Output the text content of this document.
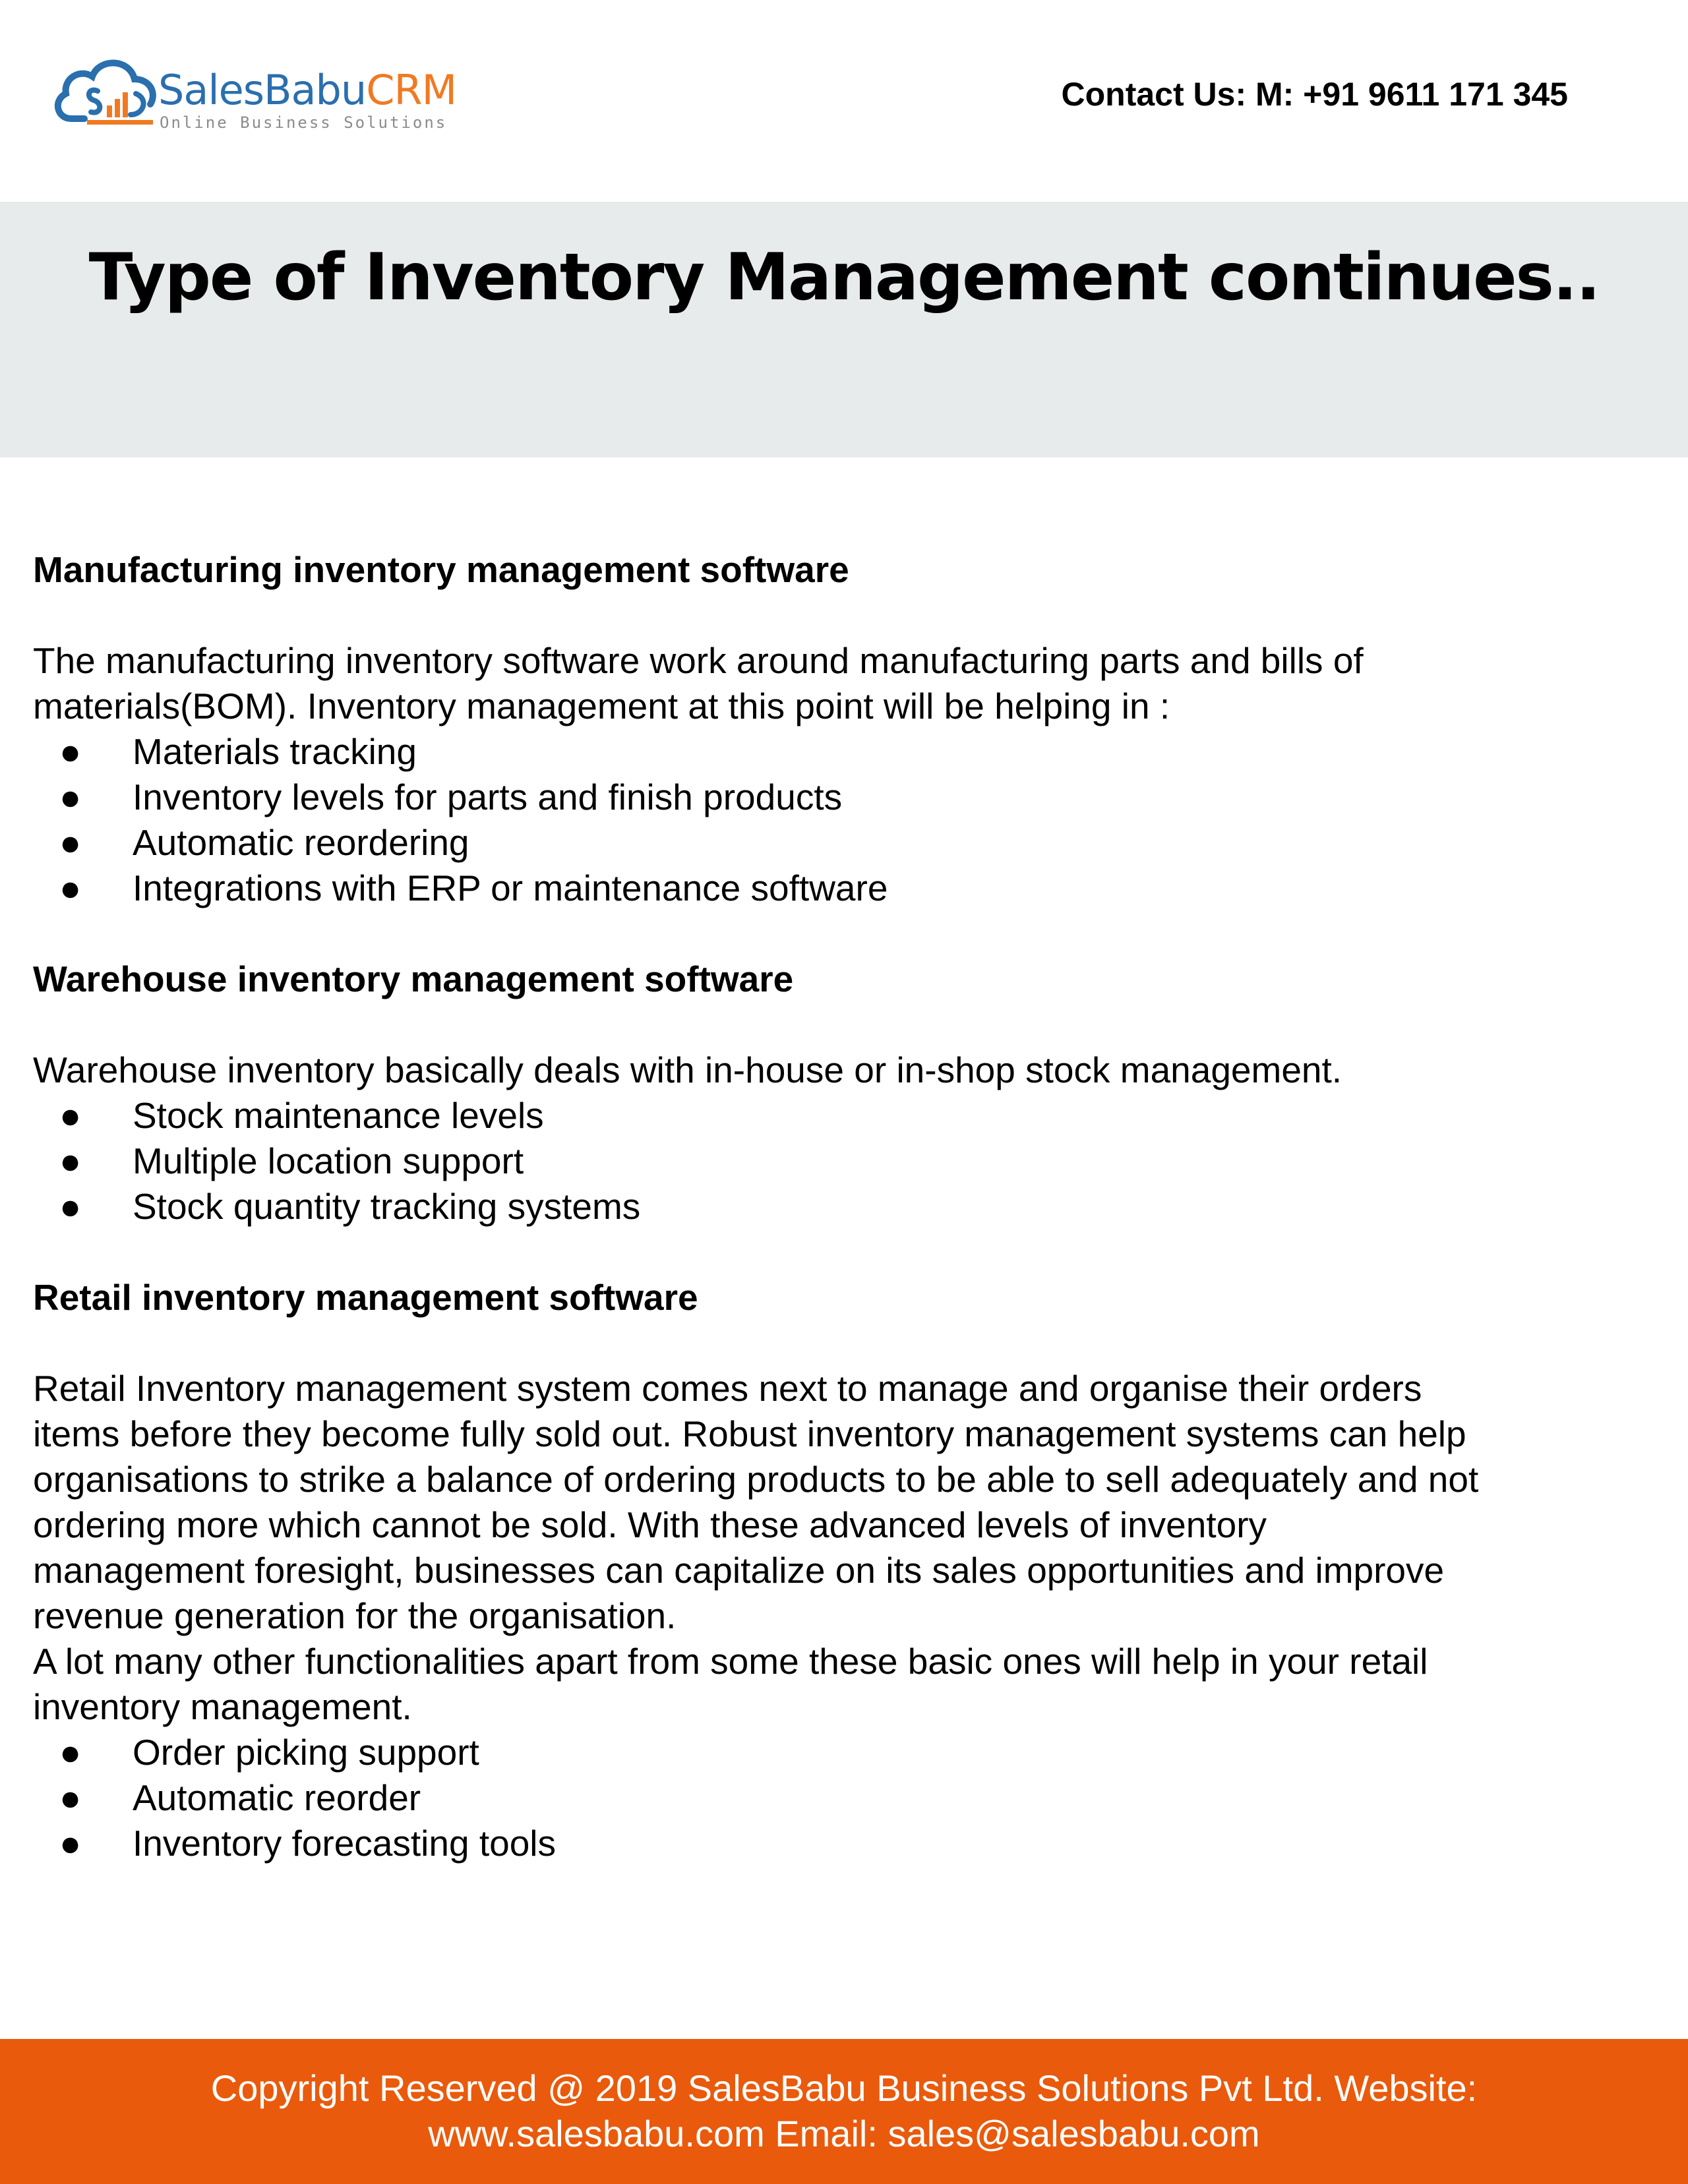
SalesBabuCRM
Online Business Solutions
Contact Us: M: +91 9611 171 345
Type of Inventory Management continues..
Manufacturing inventory management software
The manufacturing inventory software work around manufacturing parts and bills of
materials(BOM). Inventory management at this point will be helping in :
● Materials tracking
● Inventory levels for parts and finish products
● Automatic reordering
● Integrations with ERP or maintenance software
Warehouse inventory management software
Warehouse inventory basically deals with in-house or in-shop stock management.
● Stock maintenance levels
● Multiple location support
● Stock quantity tracking systems
Retail inventory management software
Retail Inventory management system comes next to manage and organise their orders
items before they become fully sold out. Robust inventory management systems can help
organisations to strike a balance of ordering products to be able to sell adequately and not
ordering more which cannot be sold. With these advanced levels of inventory
management foresight, businesses can capitalize on its sales opportunities and improve
revenue generation for the organisation.
A lot many other functionalities apart from some these basic ones will help in your retail
inventory management.
● Order picking support
● Automatic reorder
● Inventory forecasting tools
Copyright Reserved @ 2019 SalesBabu Business Solutions Pvt Ltd. Website:
www.salesbabu.com Email: sales@salesbabu.com
